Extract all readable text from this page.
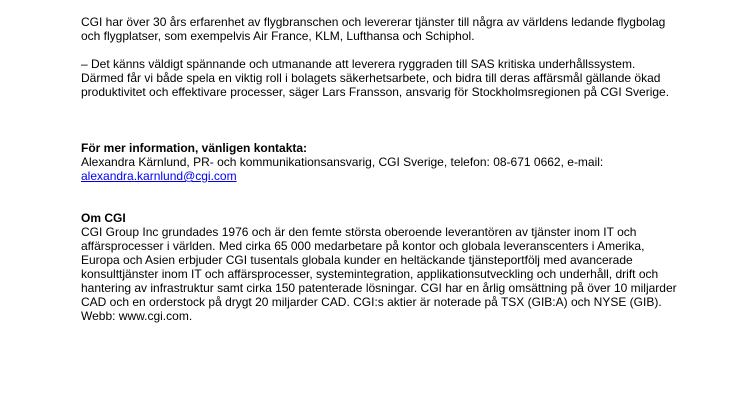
CGI har över 30 års erfarenhet av flygbranschen och levererar tjänster till några av världens ledande flygbolag och flygplatser, som exempelvis Air France, KLM, Lufthansa och Schiphol.

– Det känns väldigt spännande och utmanande att leverera ryggraden till SAS kritiska underhållssystem. Därmed får vi både spela en viktig roll i bolagets säkerhetsarbete, och bidra till deras affärsmål gällande ökad produktivitet och effektivare processer, säger Lars Fransson, ansvarig för Stockholmsregionen på CGI Sverige.

För mer information, vänligen kontakta:

Alexandra Kärnlund, PR- och kommunikationsansvarig, CGI Sverige, telefon: 08-671 0662, e-mail:
alexandra.karnlund@cgi.com

Om CGI

CGI Group Inc grundades 1976 och är den femte största oberoende leverantören av tjänster inom IT och affärsprocesser i världen. Med cirka 65 000 medarbetare på kontor och globala leveranscenters i Amerika, Europa och Asien erbjuder CGI tusentals globala kunder en heltäckande tjänsteportfölj med avancerade konsulttjänster inom IT och affärsprocesser, systemintegration, applikationsutveckling och underhåll, drift och hantering av infrastruktur samt cirka 150 patenterade lösningar. CGI har en årlig omsättning på över 10 miljarder CAD och en orderstock på drygt 20 miljarder CAD. CGI:s aktier är noterade på TSX (GIB:A) och NYSE (GIB). Webb: www.cgi.com.
